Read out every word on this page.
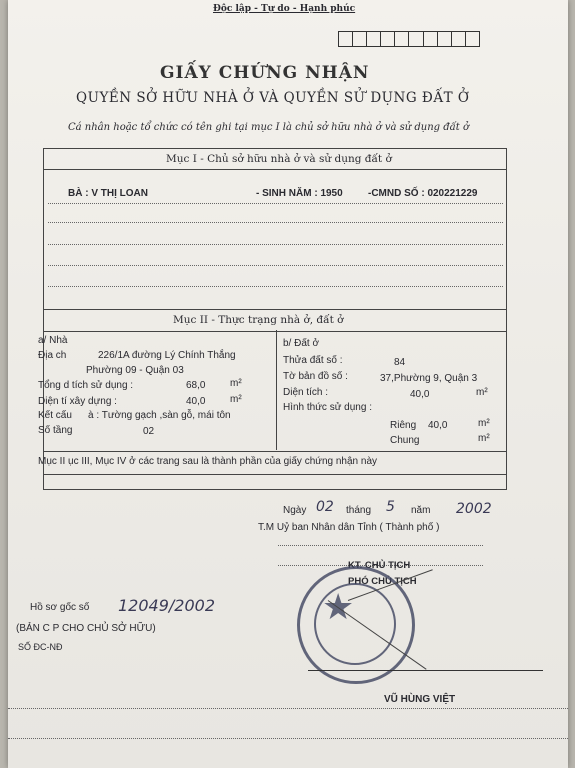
Độc lập - Tự do - Hạnh phúc
GIẤY CHỨNG NHẬN
QUYỀN SỞ HỮU NHÀ Ở VÀ QUYỀN SỬ DỤNG ĐẤT Ở
Cá nhân hoặc tổ chức có tên ghi tại mục I là chủ sở hữu nhà ở và sử dụng đất ở
Mục I - Chủ sở hữu nhà ở và sử dụng đất ở
BÀ : V THỊ LOAN	- SINH NĂM : 1950	-CMND SỐ : 020221229
Mục II - Thực trạng nhà ở, đất ở
a/ Nhà
Địa ch	226/1A đường Lý Chính Thắng
Phường 09 - Quận 03
Tổng d tích sử dụng :	68,0 m²
Diện tí xây dựng :	40,0 m²
Kết cấu à : Tường gạch ,sàn gỗ, mái tôn
Số tầng	02
b/ Đất ở
Thửa đất số :	84
Tờ bản đồ số :	37,Phường 9, Quận 3
Diện tích :	40,0	m²
Hình thức sử dụng :
Riêng 40,0	m²
Chung	m²
Mục II ục III, Mục IV ở các trang sau là thành phần của giấy chứng nhận này
Ngày 02 tháng 5 năm 2002
T.M Uỷ ban Nhân dân Tỉnh ( Thành phố )
KT. CHỦ TỊCH
PHÓ CHỦ TỊCH
★
VŨ HÙNG VIỆT
Hồ sơ gốc số 12049/2002
(BẢN C P CHO CHỦ SỞ HỮU)
SỐ ĐC-NĐ
